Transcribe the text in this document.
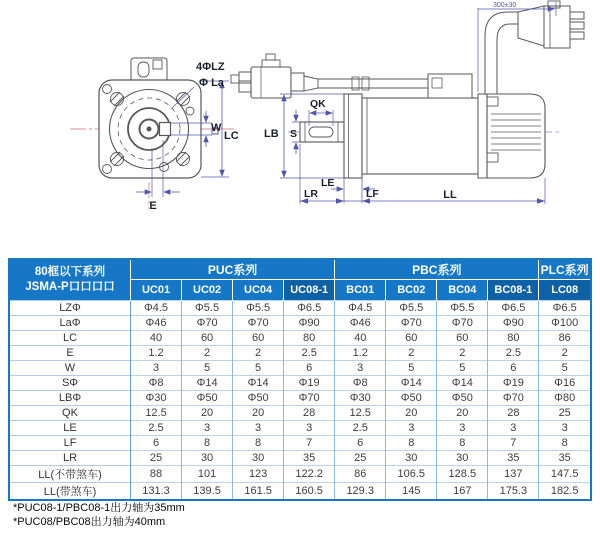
4ΦLZ
Φ La
W
LC
E
300±30
LB S
QK
LE
LR	LF	LL
80框以下系列
JSMA-P口口口口	PUC系列				PBC系列				PLC系列
	UC01	UC02	UC04	UC08-1	BC01	BC02	BC04	BC08-1	LC08
LZΦ	Φ4.5	Φ5.5	Φ5.5	Φ6.5	Φ4.5	Φ5.5	Φ5.5	Φ6.5	Φ6.5
LaΦ	Φ46	Φ70	Φ70	Φ90	Φ46	Φ70	Φ70	Φ90	Φ100
LC	40	60	60	80	40	60	60	80	86
E	1.2	2	2	2.5	1.2	2	2	2.5	2
W	3	5	5	6	3	5	5	6	5
SΦ	Φ8	Φ14	Φ14	Φ19	Φ8	Φ14	Φ14	Φ19	Φ16
LBΦ	Φ30	Φ50	Φ50	Φ70	Φ30	Φ50	Φ50	Φ70	Φ80
QK	12.5	20	20	28	12.5	20	20	28	25
LE	2.5	3	3	3	2.5	3	3	3	3
LF	6	8	8	7	6	8	8	7	8
LR	25	30	30	35	25	30	30	35	35
LL(不带煞车)	88	101	123	122.2	86	106.5	128.5	137	147.5
LL(带煞车)	131.3	139.5	161.5	160.5	129.3	145	167	175.3	182.5
*PUC08-1/PBC08-1出力轴为35mm
*PUC08/PBC08出力轴为40mm
